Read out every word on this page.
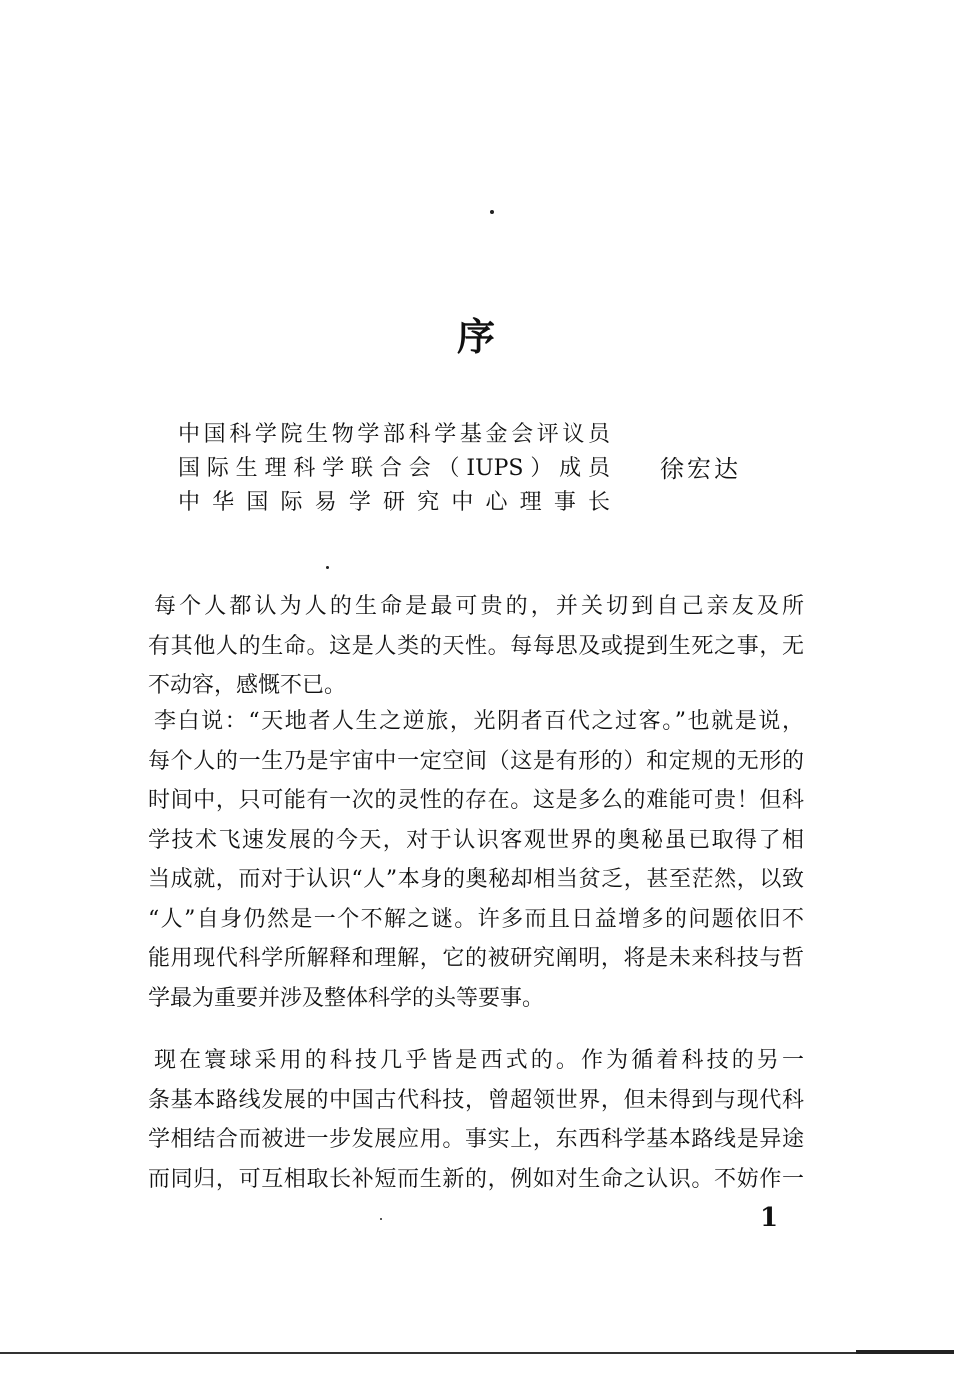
序
中国科学院生物学部科学基金会评议员
国际生理科学联合会（IUPS）成员
中华国际易学研究中心理事长
徐宏达
每个人都认为人的生命是最可贵的，并关切到自己亲友及所
有其他人的生命。这是人类的天性。每每思及或提到生死之事，无
不动容，感慨不已。
李白说：“天地者人生之逆旅，光阴者百代之过客。”也就是说，
每个人的一生乃是宇宙中一定空间（这是有形的）和定规的无形的
时间中，只可能有一次的灵性的存在。这是多么的难能可贵！但科
学技术飞速发展的今天，对于认识客观世界的奥秘虽已取得了相
当成就，而对于认识“人”本身的奥秘却相当贫乏，甚至茫然，以致
“人”自身仍然是一个不解之谜。许多而且日益增多的问题依旧不
能用现代科学所解释和理解，它的被研究阐明，将是未来科技与哲
学最为重要并涉及整体科学的头等要事。
现在寰球采用的科技几乎皆是西式的。作为循着科技的另一
条基本路线发展的中国古代科技，曾超领世界，但未得到与现代科
学相结合而被进一步发展应用。事实上，东西科学基本路线是异途
而同归，可互相取长补短而生新的，例如对生命之认识。不妨作一
1
